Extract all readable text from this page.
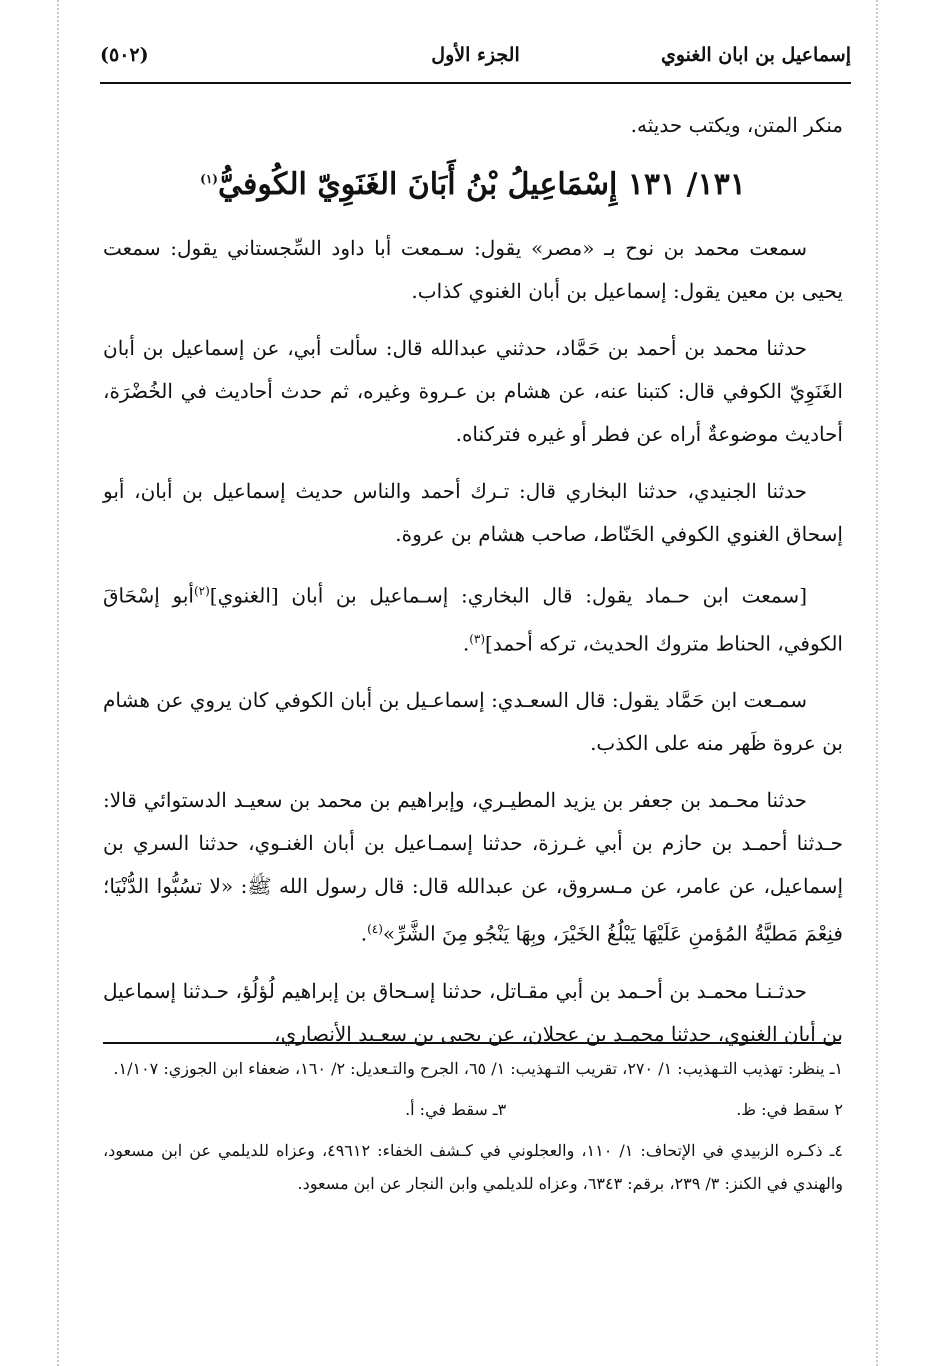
إسماعيل بن ابان الغنوي
الجزء الأول
(٥٠٢)

منكر المتن، ويكتب حديثه.

١٣١/ ١٣١ إِسْمَاعِيلُ بْنُ أَبَانَ الغَنَوِيّ الكُوفيُّ$^{(١)}$

سمعت محمد بن نوح بـ «مصر» يقول: سـمعت أبا داود السِّجستاني يقول: سمعت يحيى بن معين يقول: إسماعيل بن أبان الغنوي كذاب.

حدثنا محمد بن أحمد بن حَمَّاد، حدثني عبدالله قال: سألت أبي، عن إسماعيل بن أبان الغَنَوِيّ الكوفي قال: كتبنا عنه، عن هشام بن عـروة وغيره، ثم حدث أحاديث في الخُضْرَة، أحاديث موضوعةٌ أراه عن فطر أو غيره فتركناه.

حدثنا الجنيدي، حدثنا البخاري قال: تـرك أحمد والناس حديث إسماعيل بن أبان، أبو إسحاق الغنوي الكوفي الحَنّاط، صاحب هشام بن عروة.

[سمعت ابن حـماد يقول: قال البخاري: إسـماعيل بن أبان [الغنوي]$^{(٢)}$أبو إسْحَاقَ الكوفي، الحناط متروك الحديث، تركه أحمد]$^{(٣)}$.

سمـعت ابن حَمَّاد يقول: قال السعـدي: إسماعـيل بن أبان الكوفي كان يروي عن هشام بن عروة ظَهر منه على الكذب.

حدثنا محـمد بن جعفر بن يزيد المطيـري، وإبراهيم بن محمد بن سعيـد الدستوائي قالا: حـدثنا أحمـد بن حازم بن أبي غـرزة، حدثنا إسمـاعيل بن أبان الغنـوي، حدثنا السري بن إسماعيل، عن عامر، عن مـسروق، عن عبدالله قال: قال رسول الله ﷺ: «لا تسُبُّوا الدُّنْيَا؛ فنِعْمَ مَطيَّةُ المُؤمنِ عَلَيْهَا يَبْلُغُ الخَيْرَ، وبِهَا يَنْجُو مِنَ الشَّرِّ»$^{(٤)}$.

حدثـنـا محمـد بن أحـمد بن أبي مقـاتل، حدثنا إسـحاق بن إبراهيم لُؤلُؤ، حـدثنا إسماعيل بن أبان الغنوي، حدثنا محمـد بن عجلان، عن يحيى بن سعـيد الأنصاري،

١ـ ينظر: تهذيب التـهذيب: ١/ ٢٧٠، تقريب التـهذيب: ١/ ٦٥، الجرح والتـعديل: ٢/ ١٦٠، ضعفاء ابن الجوزي: ١/١٠٧.

٢ سقط في: ظ.
٣ـ سقط في: أ.

٤ـ ذكـره الزبيدي في الإتحاف: ١/ ١١٠، والعجلوني في كـشف الخفاء: ٤٩٦١٢، وعزاه للديلمي عن ابن مسعود، والهندي في الكنز: ٣/ ٢٣٩، برقم: ٦٣٤٣، وعزاه للديلمي وابن النجار عن ابن مسعود.
